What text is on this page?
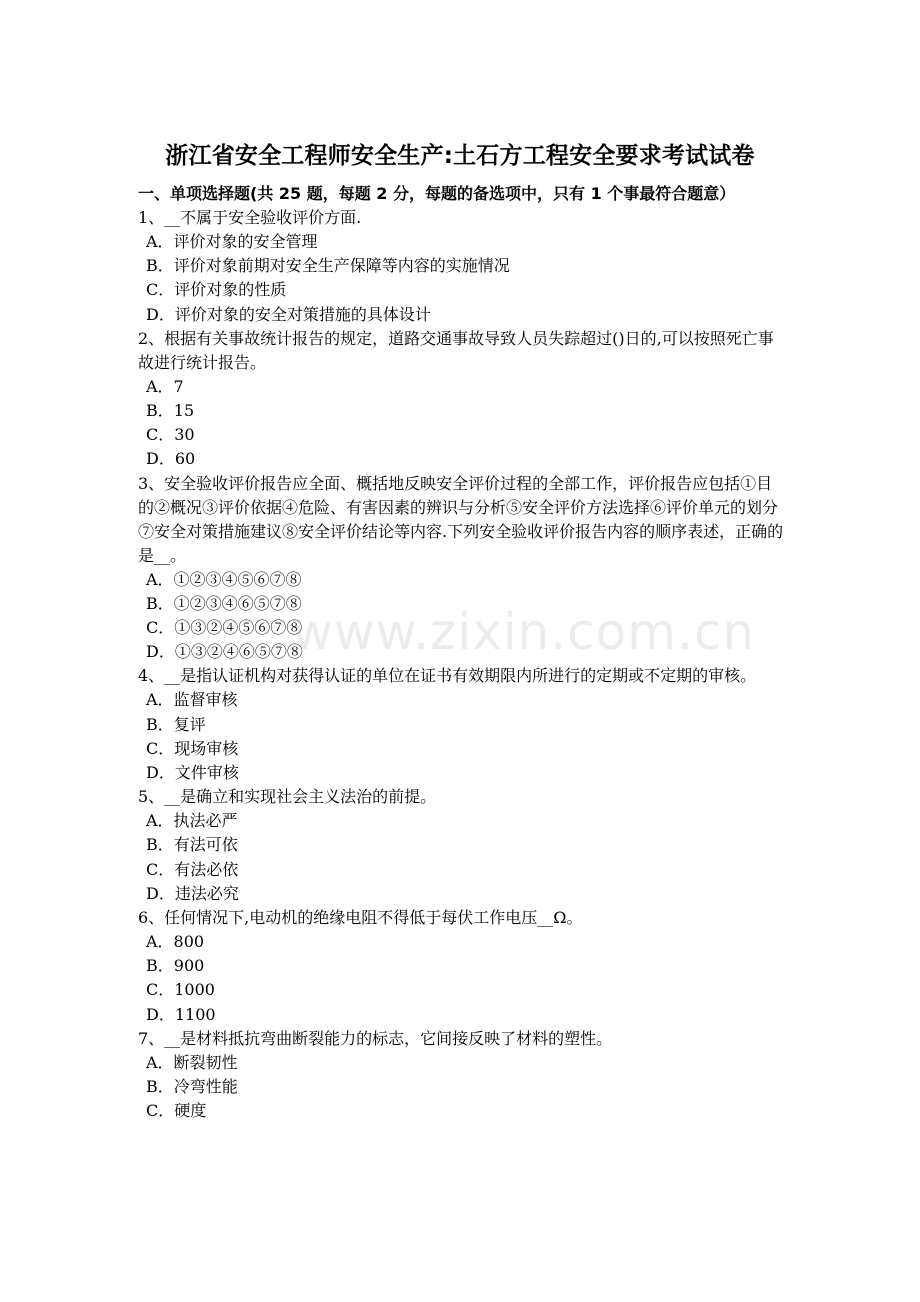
浙江省安全工程师安全生产:土石方工程安全要求考试试卷
一、单项选择题(共 25 题，每题 2 分，每题的备选项中，只有 1 个事最符合题意）
1、__不属于安全验收评价方面.
A．评价对象的安全管理
B．评价对象前期对安全生产保障等内容的实施情况
C．评价对象的性质
D．评价对象的安全对策措施的具体设计
2、根据有关事故统计报告的规定，道路交通事故导致人员失踪超过()日的,可以按照死亡事故进行统计报告。
A．7
B．15
C．30
D．60
3、安全验收评价报告应全面、概括地反映安全评价过程的全部工作，评价报告应包括①目的②概况③评价依据④危险、有害因素的辨识与分析⑤安全评价方法选择⑥评价单元的划分⑦安全对策措施建议⑧安全评价结论等内容.下列安全验收评价报告内容的顺序表述，正确的是__。
A．①②③④⑤⑥⑦⑧
B．①②③④⑥⑤⑦⑧
C．①③②④⑤⑥⑦⑧
D．①③②④⑥⑤⑦⑧
4、__是指认证机构对获得认证的单位在证书有效期限内所进行的定期或不定期的审核。
A．监督审核
B．复评
C．现场审核
D．文件审核
5、__是确立和实现社会主义法治的前提。
A．执法必严
B．有法可依
C．有法必依
D．违法必究
6、任何情况下,电动机的绝缘电阻不得低于每伏工作电压__Ω。
A．800
B．900
C．1000
D．1100
7、__是材料抵抗弯曲断裂能力的标志，它间接反映了材料的塑性。
A．断裂韧性
B．冷弯性能
C．硬度
www.zixin.com.cn
